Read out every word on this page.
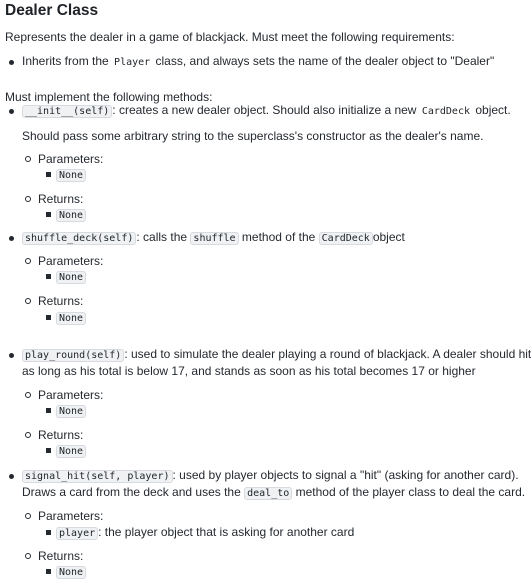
Dealer Class
Represents the dealer in a game of blackjack. Must meet the following requirements:
Inherits from the Player class, and always sets the name of the dealer object to "Dealer"
Must implement the following methods:
__init__(self) : creates a new dealer object. Should also initialize a new CardDeck object.
Should pass some arbitrary string to the superclass's constructor as the dealer's name.
Parameters:
None
Returns:
None
shuffle_deck(self) : calls the shuffle method of the CardDeck object
Parameters:
None
Returns:
None
play_round(self) : used to simulate the dealer playing a round of blackjack. A dealer should hit
as long as his total is below 17, and stands as soon as his total becomes 17 or higher
Parameters:
None
Returns:
None
signal_hit(self, player) : used by player objects to signal a "hit" (asking for another card).
Draws a card from the deck and uses the deal_to method of the player class to deal the card.
Parameters:
player : the player object that is asking for another card
Returns:
None
